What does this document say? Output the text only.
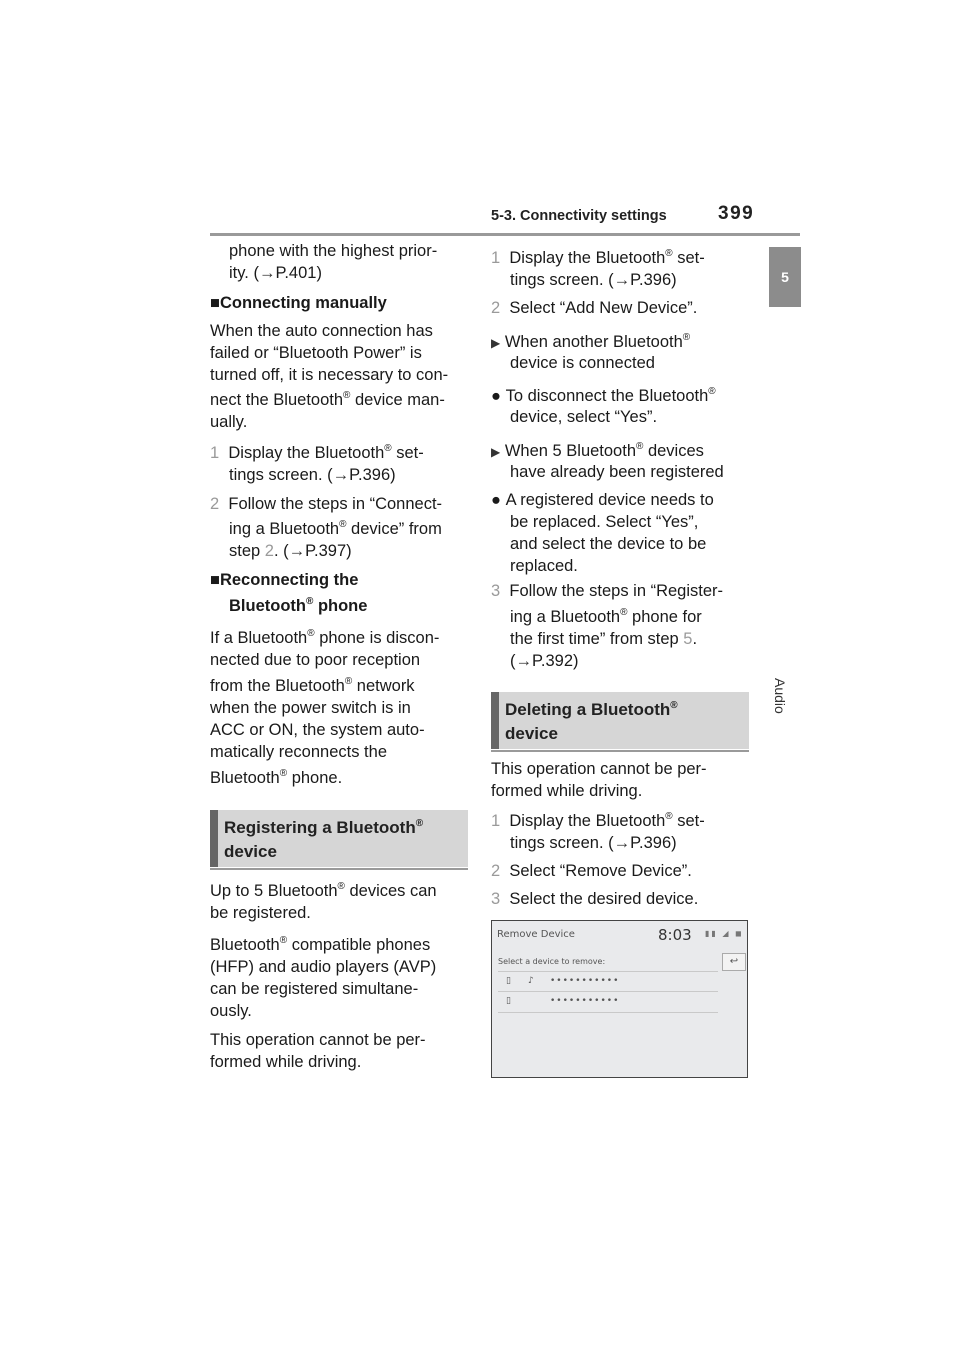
5-3. Connectivity settings	399
5
Audio
phone with the highest prior-
ity. (→P.401)
■Connecting manually
When the auto connection has
failed or “Bluetooth Power” is
turned off, it is necessary to con-
nect the Bluetooth® device man-
ually.
1 Display the Bluetooth® set-
tings screen. (→P.396)
2 Follow the steps in “Connect-
ing a Bluetooth® device” from
step 2. (→P.397)
■Reconnecting the
Bluetooth® phone
If a Bluetooth® phone is discon-
nected due to poor reception
from the Bluetooth® network
when the power switch is in
ACC or ON, the system auto-
matically reconnects the
Bluetooth® phone.
Registering a Bluetooth®
device
Up to 5 Bluetooth® devices can
be registered.
Bluetooth® compatible phones
(HFP) and audio players (AVP)
can be registered simultane-
ously.
This operation cannot be per-
formed while driving.
1 Display the Bluetooth® set-
tings screen. (→P.396)
2 Select “Add New Device”.
▶ When another Bluetooth®
device is connected
● To disconnect the Bluetooth®
device, select “Yes”.
▶ When 5 Bluetooth® devices
have already been registered
● A registered device needs to
be replaced. Select “Yes”,
and select the device to be
replaced.
3 Follow the steps in “Register-
ing a Bluetooth® phone for
the first time” from step 5.
(→P.392)
Deleting a Bluetooth®
device
This operation cannot be per-
formed while driving.
1 Display the Bluetooth® set-
tings screen. (→P.396)
2 Select “Remove Device”.
3 Select the desired device.
Remove Device	8:03 ▮▮ ◢ ◼
Select a device to remove:	↩
▯ ♪ •••••••••••
▯	•••••••••••
